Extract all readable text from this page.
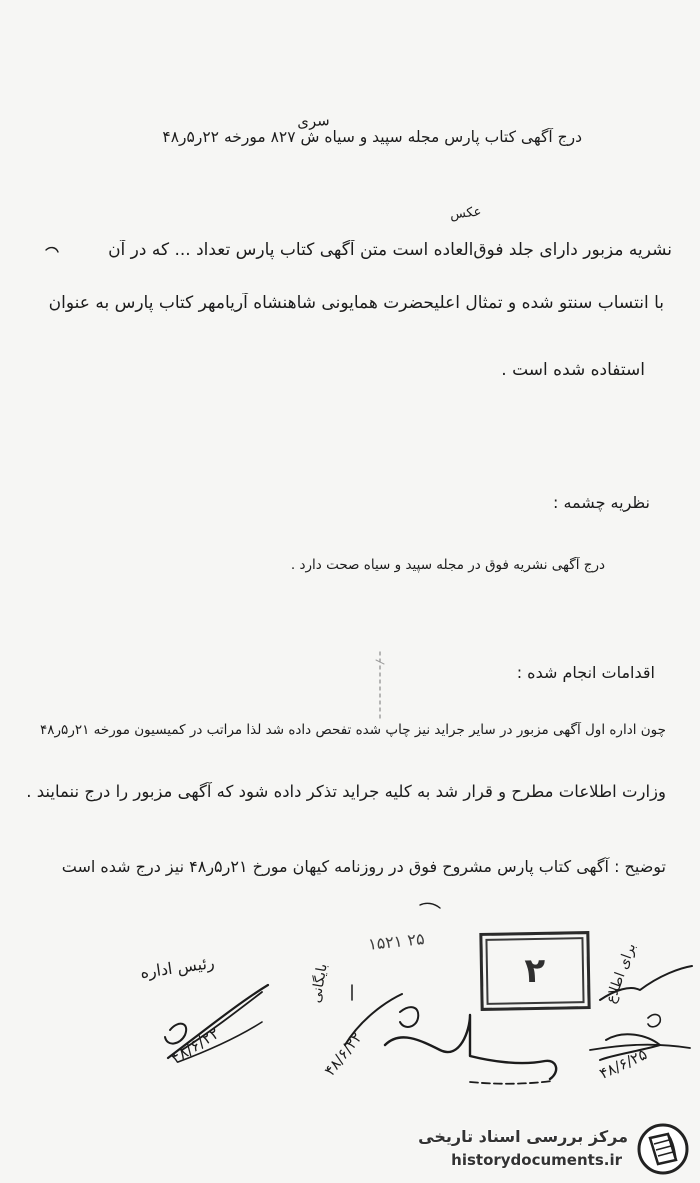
سری
درج آگهی کتاب پارس مجله سپید و سیاه ش ۸۲۷ مورخه ۲۲ر۵ر۴۸
عکس
نشریه مزبور دارای جلد فوق‌العاده است متن آگهی کتاب پارس تعداد ... که در آن
با انتساب سنتو شده و تمثال اعلیحضرت همایونی شاهنشاه آریامهر کتاب پارس به عنوان
استفاده شده است .
نظریه چشمه :
درج آگهی نشریه فوق در مجله سپید و سیاه صحت دارد .
اقدامات انجام شده :
چون اداره اول آگهی مزبور در سایر جراید نیز چاپ شده تفحص داده شد لذا مراتب در کمیسیون مورخه ۲۱ر۵ر۴۸
وزارت اطلاعات مطرح و قرار شد به کلیه جراید تذکر داده شود که آگهی مزبور را درج ننمایند .
توضیح : آگهی کتاب پارس مشروح فوق در روزنامه کیهان مورخ ۲۱ر۵ر۴۸ نیز درج شده است
رئیس اداره
۴۸/۶/۲۲	۴۸/۶/۲۲
بایگانی	برای اطلاع
۴۸/۶/۲۵
۲۵ ۱۵۲۱
۲
مرکز بررسی اسناد تاریخی
historydocuments.ir
